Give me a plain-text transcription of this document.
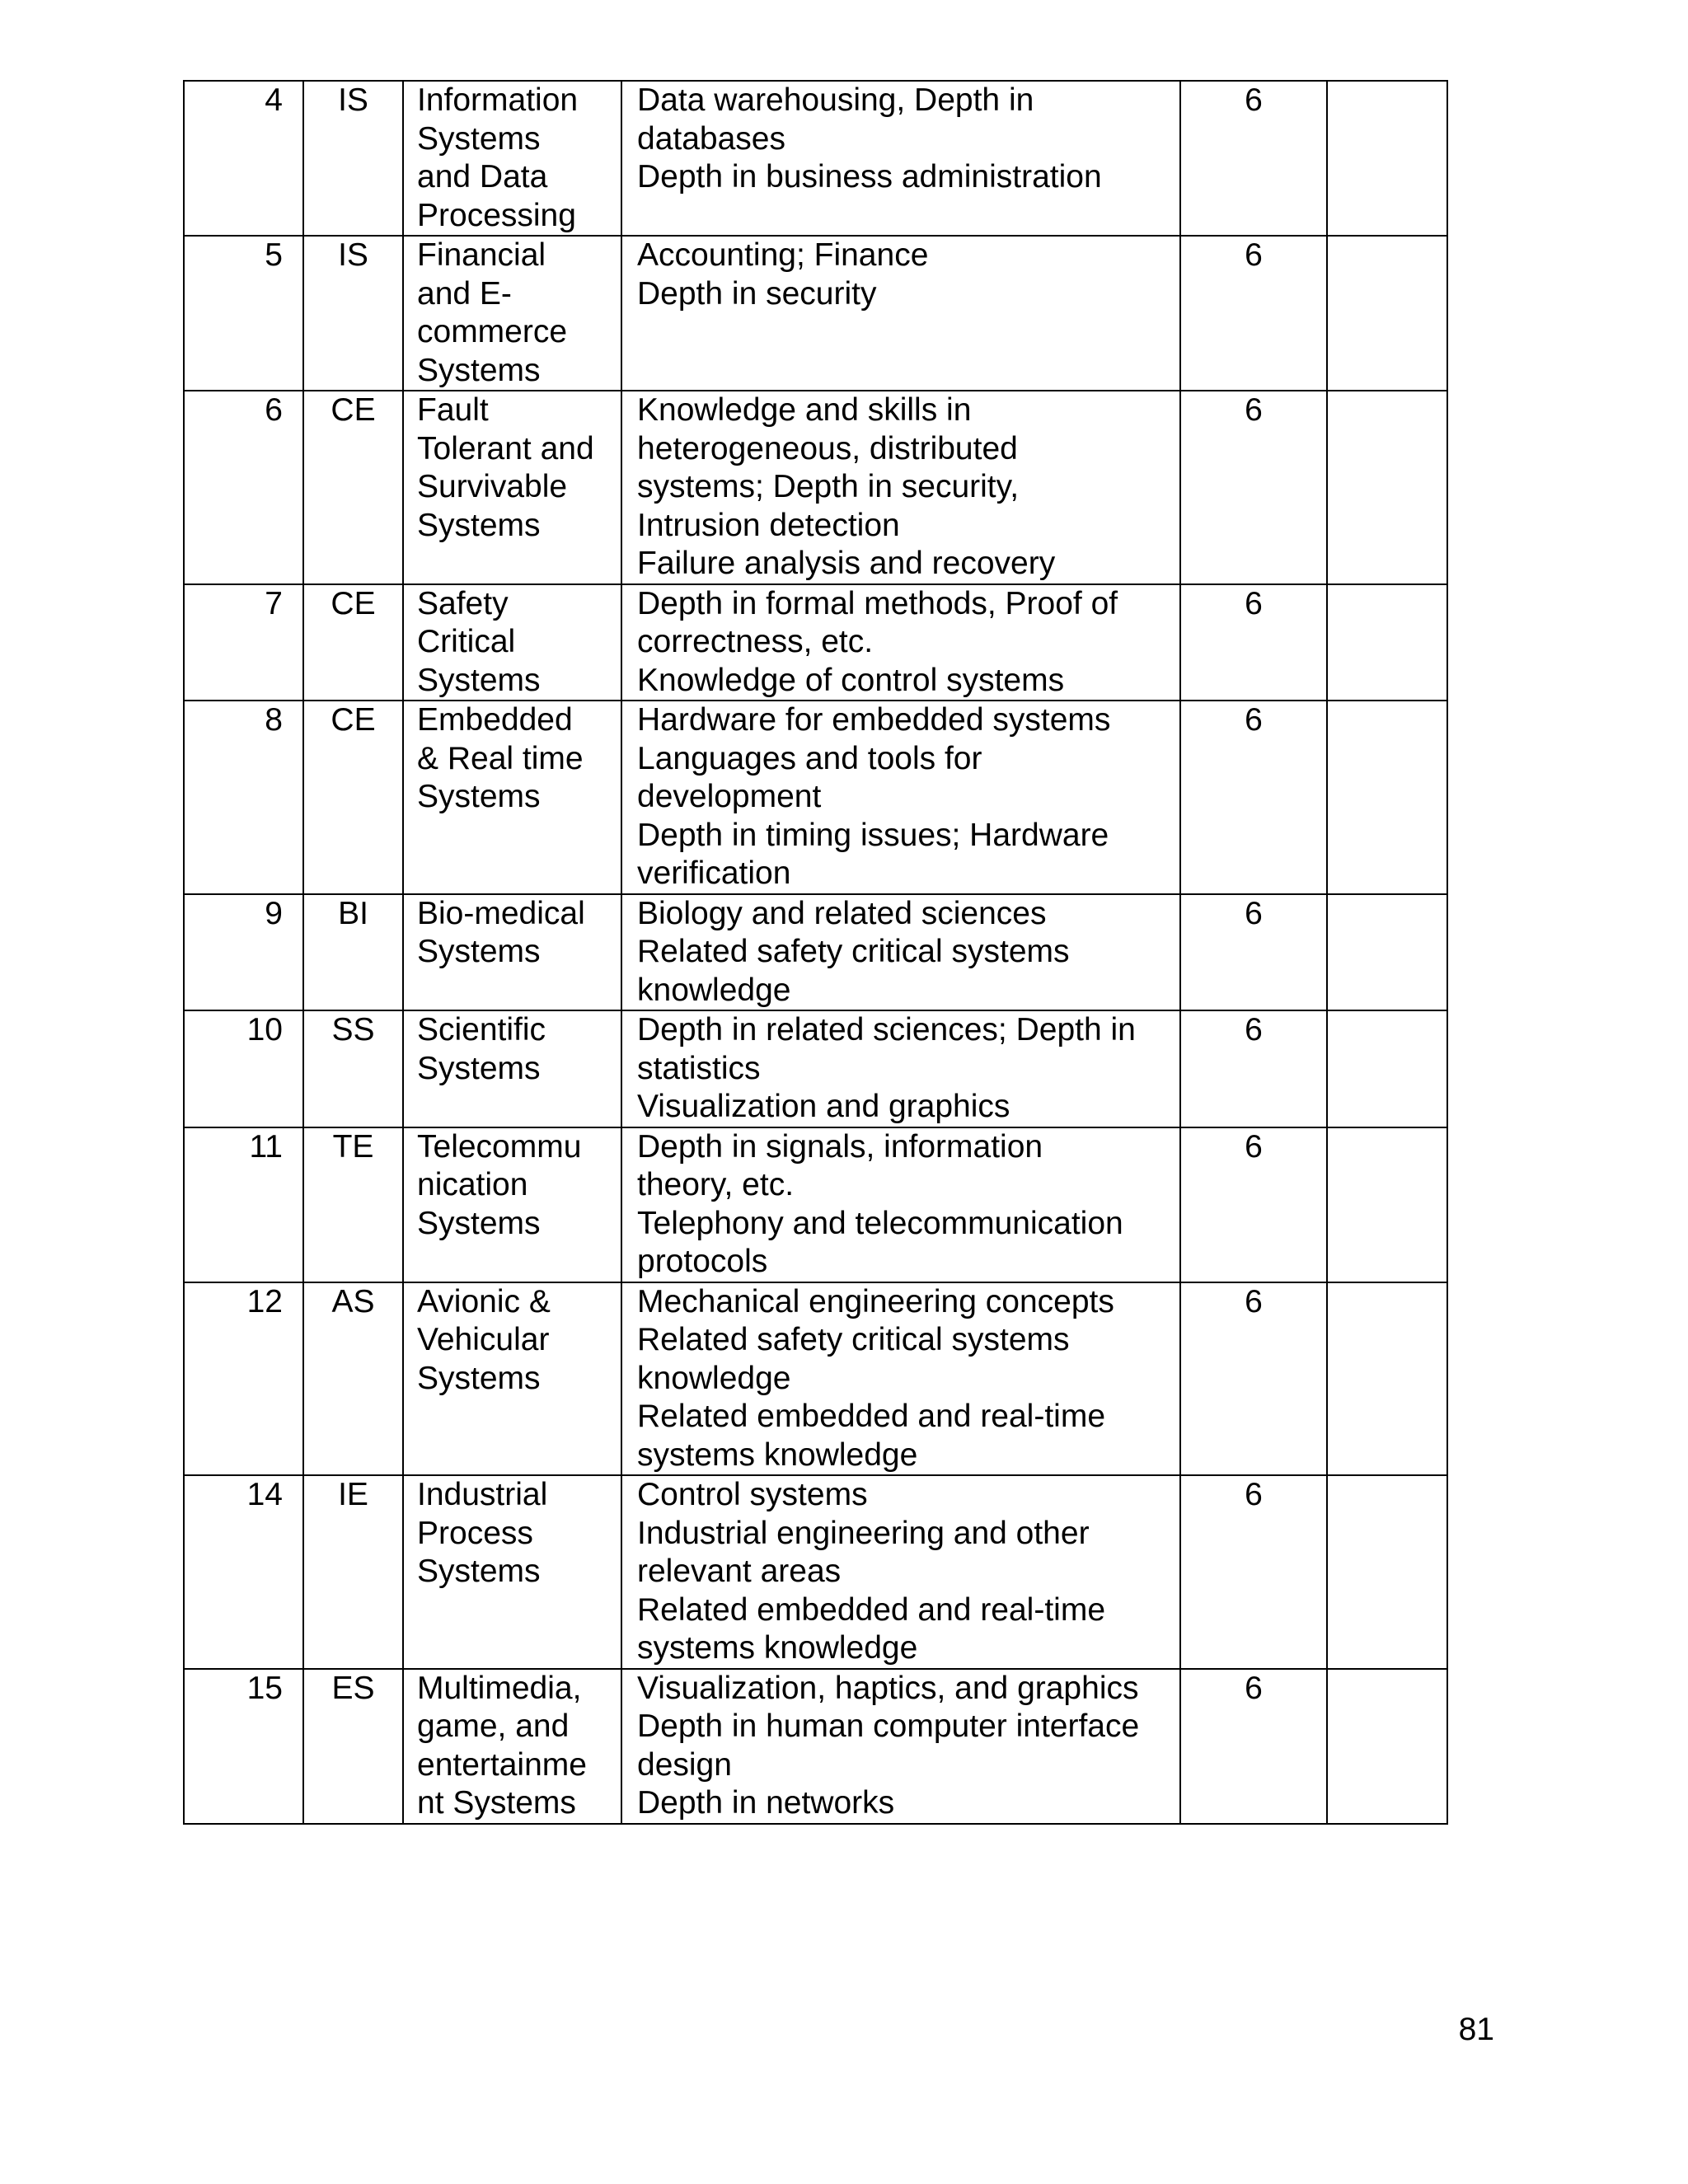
4	IS	Information
Systems
and Data
Processing	Data warehousing, Depth in
databases
Depth in business administration	6	

5	IS	Financial
and E-
commerce
Systems	Accounting; Finance
Depth in security	6	

6	CE	Fault
Tolerant and
Survivable
Systems	Knowledge and skills in
heterogeneous, distributed
systems; Depth in security,
Intrusion detection
Failure analysis and recovery	6	

7	CE	Safety
Critical
Systems	Depth in formal methods, Proof of
correctness, etc.
Knowledge of control systems	6	

8	CE	Embedded
& Real time
Systems	Hardware for embedded systems
Languages and tools for
development
Depth in timing issues; Hardware
verification	6	

9	BI	Bio-medical
Systems	Biology and related sciences
Related safety critical systems
knowledge	6	

10	SS	Scientific
Systems	Depth in related sciences; Depth in
statistics
Visualization and graphics	6	

11	TE	Telecommu
nication
Systems	Depth in signals, information
theory, etc.
Telephony and telecommunication
protocols	6	

12	AS	Avionic &
Vehicular
Systems	Mechanical engineering concepts
Related safety critical systems
knowledge
Related embedded and real-time
systems knowledge	6	

14	IE	Industrial
Process
Systems	Control systems
Industrial engineering and other
relevant areas
Related embedded and real-time
systems knowledge	6	

15	ES	Multimedia,
game, and
entertainme
nt Systems	Visualization, haptics, and graphics
Depth in human computer interface
design
Depth in networks	6	

81
